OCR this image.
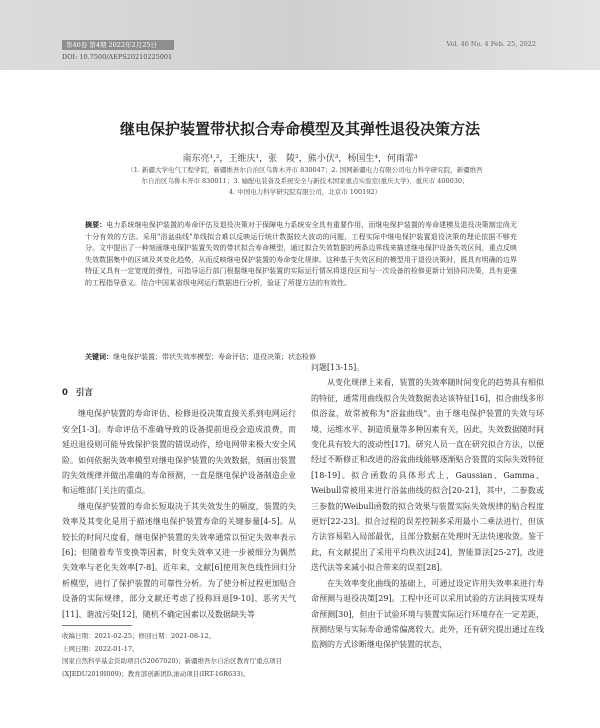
第46卷 第4期 2022年2月25日	Vol. 46 No. 4 Feb. 25, 2022
DOI: 10.7500/AEPS20210225001
继电保护装置带状拟合寿命模型及其弹性退役决策方法
南东亮¹,²，王维庆¹，张　陵²，熊小伏³，杨国生⁴，何雨霏³
（1. 新疆大学电气工程学院，新疆维吾尔自治区乌鲁木齐市 830047；2. 国网新疆电力有限公司电力科学研究院，新疆维吾
尔自治区乌鲁木齐市 830011；3. 输配电装备及系统安全与新技术国家重点实验室(重庆大学)，重庆市 400030；
4. 中国电力科学研究院有限公司，北京市 100192）
摘要：电力系统继电保护装置的寿命评估及退役决策对于保障电力系统安全具有重要作用，而继电保护装置的寿命建模及退役决策制定尚无十分有效的方法。采用"浴盆曲线"单线拟合难以反映运行统计数据较大波动的问题，工程实际中继电保护装置退役决策的理论依据不够充分。文中提出了一种刻画继电保护装置失效的带状拟合寿命模型，通过拟合失效数据的两条边界线来描述继电保护设备失效区间，重点反映失效数据集中的区域及其变化趋势，从而反映继电保护装置的寿命变化规律。这种基于失效区间的模型用于退役决策时，既具有明确的边界特征又具有一定宽度的弹性，可指导运行部门根据继电保护装置的实际运行情况将退役区间与一次设备的检修更新计划协同决策，具有更强的工程指导意义。结合中国某省级电网运行数据进行分析，验证了所提方法的有效性。
关键词：继电保护装置；带状失效率模型；寿命评估；退役决策；状态检修
0 引言

继电保护装置的寿命评估、检修退役决策直接关系到电网运行安全[1-3]。寿命评估不准确导致的设备提前退役会造成浪费，而延迟退役则可能导致保护装置的错误动作，给电网带来极大安全风险。如何依据失效率模型对继电保护装置的失效数据，刻画出装置的失效规律并做出准确的寿命预测，一直是继电保护设备制造企业和运维部门关注的重点。

继电保护装置的寿命长短取决于其失效发生的频度，装置的失效率及其变化是用于描述继电保护装置寿命的关键参量[4-5]。从较长的时间尺度看，继电保护装置的失效率通常以恒定失效率表示[6]；但随着寿节变换等因素，时变失效率又进一步被细分为偶然失效率与老化失效率[7-8]。近年来，文献[6]使用灰色线性回归分析模型，进行了保护装置的可靠性分析。为了使分析过程更加贴合设备的实际规律，部分文献还考虑了投称回退[9-10]、恶劣天气[11]、谐波污染[12]，随机不确定因素以及数据缺失等

问题[13-15]。

从变化规律上来看，装置的失效率随时间变化的趋势具有相似的特征，通常用曲线拟合失效数据表达该特征[16]，拟合曲线多形似浴盆，故常被称为"浴盆曲线"。由于继电保护装置的失效与环境、运维水平、制造质量等多种因素有关，因此，失效数据随时间变化具有较大的波动性[17]。研究人员一直在研究拟合方法，以便经过不断修正和改进的浴盆曲线能够逐渐贴合装置的实际失效特征[18-19]。拟合函数的具体形式上，Gaussian、Gamma、Weibull常被用来进行浴盆曲线的拟合[20-21]，其中，二参数或三参数的Weibull函数的拟合效果与装置实际失效规律的贴合程度更好[22-23]。拟合过程的误差控制多采用最小二乘法进行，但该方法容易陷入局部最优，且部分数据在处理时无法快速收敛。鉴于此，有文献提出了采用平均秩次法[24]，智能算法[25-27]，改进迭代法等来减小拟合带来的误差[28]。

在失效率变化曲线的基础上，可通过设定许用失效率来进行寿命预测与退役决策[29]。工程中还可以采用试验的方法间接实现寿命预测[30]，但由于试验环境与装置实际运行环境存在一定差距，预测结果与实际寿命通常偏离较大。此外，还有研究提出通过在线监测的方式诊断继电保护装置的状态，

收稿日期：2021-02-25；修回日期：2021-08-12。
上网日期：2022-01-17。
国家自然科学基金资助项目(52067020)；新疆维吾尔自治区教育厅重点项目(XJEDU2019I009)；教育部创新团队滚动项目(IRT-16R633)。
